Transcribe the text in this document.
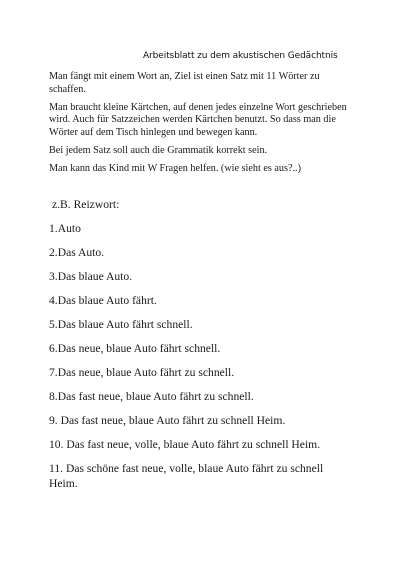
Arbeitsblatt zu dem akustischen Gedächtnis

Man fängt mit einem Wort an, Ziel ist einen Satz mit 11 Wörter zu schaffen.

Man braucht kleine Kärtchen, auf denen jedes einzelne Wort geschrieben wird. Auch für Satzzeichen werden Kärtchen benutzt. So dass man die Wörter auf dem Tisch hinlegen und bewegen kann.

Bei jedem Satz soll auch die Grammatik korrekt sein.

Man kann das Kind mit W Fragen helfen. (wie sieht es aus?..)

z.B. Reizwort:
1.Auto
2.Das Auto.
3.Das blaue Auto.
4.Das blaue Auto fährt.
5.Das blaue Auto fährt schnell.
6.Das neue, blaue Auto fährt schnell.
7.Das neue, blaue Auto fährt zu schnell.
8.Das fast neue, blaue Auto fährt zu schnell.
9. Das fast neue, blaue Auto fährt zu schnell Heim.
10. Das fast neue, volle, blaue Auto fährt zu schnell Heim.
11. Das schöne fast neue, volle, blaue Auto fährt zu schnell Heim.
